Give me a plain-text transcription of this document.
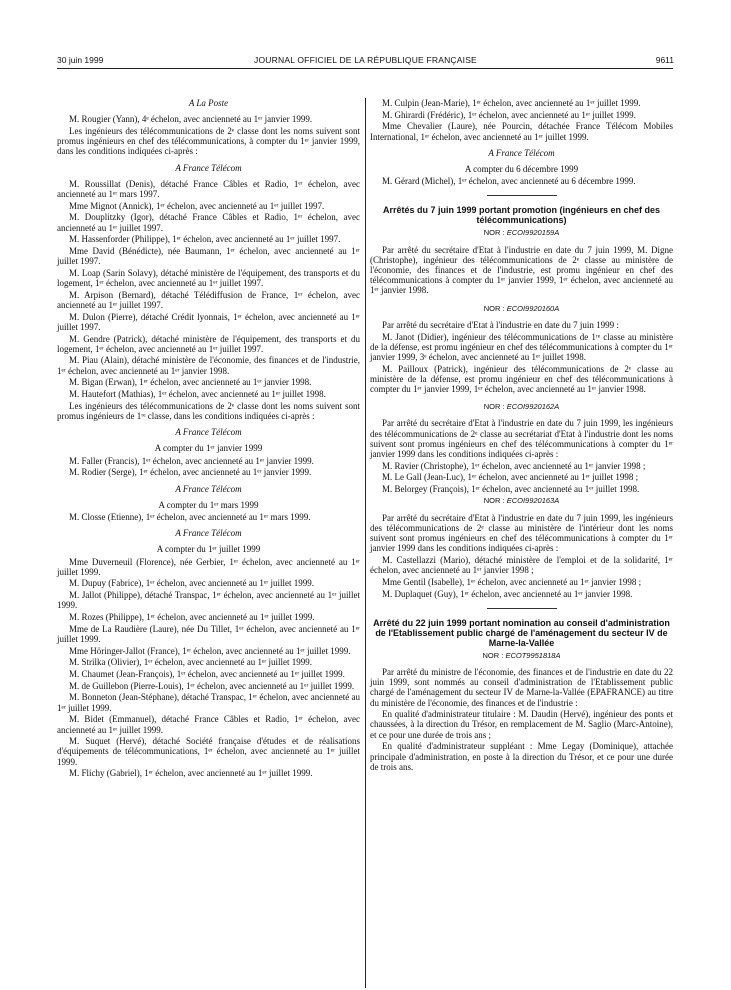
30 juin 1999	JOURNAL OFFICIEL DE LA RÉPUBLIQUE FRANÇAISE	9611
A La Poste

M. Rougier (Yann), 4ᵉ échelon, avec ancienneté au 1ᵉʳ janvier 1999.

Les ingénieurs des télécommunications de 2ᵉ classe dont les noms suivent sont promus ingénieurs en chef des télécommunications, à compter du 1ᵉʳ janvier 1999, dans les conditions indiquées ci-après :

A France Télécom

M. Roussillat (Denis), détaché France Câbles et Radio, 1ᵉʳ échelon, avec ancienneté au 1ᵉʳ mars 1997.

Mme Mignot (Annick), 1ᵉʳ échelon, avec ancienneté au 1ᵉʳ juillet 1997.

M. Douplitzky (Igor), détaché France Câbles et Radio, 1ᵉʳ échelon, avec ancienneté au 1ᵉʳ juillet 1997.

M. Hassenforder (Philippe), 1ᵉʳ échelon, avec ancienneté au 1ᵉʳ juillet 1997.

Mme David (Bénédicte), née Baumann, 1ᵉʳ échelon, avec ancienneté au 1ᵉʳ juillet 1997.

M. Loap (Sarin Solavy), détaché ministère de l'équipement, des transports et du logement, 1ᵉʳ échelon, avec ancienneté au 1ᵉʳ juillet 1997.

M. Arpison (Bernard), détaché Télédiffusion de France, 1ᵉʳ échelon, avec ancienneté au 1ᵉʳ juillet 1997.

M. Dulon (Pierre), détaché Crédit lyonnais, 1ᵉʳ échelon, avec ancienneté au 1ᵉʳ juillet 1997.

M. Gendre (Patrick), détaché ministère de l'équipement, des transports et du logement, 1ᵉʳ échelon, avec ancienneté au 1ᵉʳ juillet 1997.

M. Piau (Alain), détaché ministère de l'économie, des finances et de l'industrie, 1ᵉʳ échelon, avec ancienneté au 1ᵉʳ janvier 1998.

M. Bigan (Erwan), 1ᵉʳ échelon, avec ancienneté au 1ᵉʳ janvier 1998.

M. Hautefort (Mathias), 1ᵉʳ échelon, avec ancienneté au 1ᵉʳ juillet 1998.

Les ingénieurs des télécommunications de 2ᵉ classe dont les noms suivent sont promus ingénieurs de 1ʳᵉ classe, dans les conditions indiquées ci-après :

A France Télécom
A compter du 1ᵉʳ janvier 1999

M. Faller (Francis), 1ᵉʳ échelon, avec ancienneté au 1ᵉʳ janvier 1999.

M. Rodier (Serge), 1ᵉʳ échelon, avec ancienneté au 1ᵉʳ janvier 1999.

A France Télécom
A compter du 1ᵉʳ mars 1999

M. Closse (Etienne), 1ᵉʳ échelon, avec ancienneté au 1ᵉʳ mars 1999.

A France Télécom
A compter du 1ᵉʳ juillet 1999

Mme Duverneuil (Florence), née Gerbier, 1ᵉʳ échelon, avec ancienneté au 1ᵉʳ juillet 1999.

M. Dupuy (Fabrice), 1ᵉʳ échelon, avec ancienneté au 1ᵉʳ juillet 1999.

M. Jallot (Philippe), détaché Transpac, 1ᵉʳ échelon, avec ancienneté au 1ᵉʳ juillet 1999.

M. Rozes (Philippe), 1ᵉʳ échelon, avec ancienneté au 1ᵉʳ juillet 1999.

Mme de La Raudière (Laure), née Du Tillet, 1ᵉʳ échelon, avec ancienneté au 1ᵉʳ juillet 1999.

Mme Höringer-Jallot (France), 1ᵉʳ échelon, avec ancienneté au 1ᵉʳ juillet 1999.

M. Strilka (Olivier), 1ᵉʳ échelon, avec ancienneté au 1ᵉʳ juillet 1999.

M. Chaumet (Jean-François), 1ᵉʳ échelon, avec ancienneté au 1ᵉʳ juillet 1999.

M. de Guillebon (Pierre-Louis), 1ᵉʳ échelon, avec ancienneté au 1ᵉʳ juillet 1999.

M. Bonneton (Jean-Stéphane), détaché Transpac, 1ᵉʳ échelon, avec ancienneté au 1ᵉʳ juillet 1999.

M. Bidet (Emmanuel), détaché France Câbles et Radio, 1ᵉʳ échelon, avec ancienneté au 1ᵉʳ juillet 1999.

M. Suquet (Hervé), détaché Société française d'études et de réalisations d'équipements de télécommunications, 1ᵉʳ échelon, avec ancienneté au 1ᵉʳ juillet 1999.

M. Flichy (Gabriel), 1ᵉʳ échelon, avec ancienneté au 1ᵉʳ juillet 1999.

M. Culpin (Jean-Marie), 1ᵉʳ échelon, avec ancienneté au 1ᵉʳ juillet 1999.

M. Ghirardi (Frédéric), 1ᵉʳ échelon, avec ancienneté au 1ᵉʳ juillet 1999.

Mme Chevalier (Laure), née Pourcin, détachée France Télécom Mobiles International, 1ᵉʳ échelon, avec ancienneté au 1ᵉʳ juillet 1999.

A France Télécom
A compter du 6 décembre 1999

M. Gérard (Michel), 1ᵉʳ échelon, avec ancienneté au 6 décembre 1999.

Arrêtés du 7 juin 1999 portant promotion (ingénieurs en chef des télécommunications)
NOR : ECOI9920159A

Par arrêté du secrétaire d'Etat à l'industrie en date du 7 juin 1999, M. Digne (Christophe), ingénieur des télécommunications de 2ᵉ classe au ministère de l'économie, des finances et de l'industrie, est promu ingénieur en chef des télécommunications à compter du 1ᵉʳ janvier 1999, 1ᵉʳ échelon, avec ancienneté au 1ᵉʳ janvier 1998.

NOR : ECOI9920160A

Par arrêté du secrétaire d'Etat à l'industrie en date du 7 juin 1999 :

M. Janot (Didier), ingénieur des télécommunications de 1ʳᵉ classe au ministère de la défense, est promu ingénieur en chef des télécommunications à compter du 1ᵉʳ janvier 1999, 3ᵉ échelon, avec ancienneté au 1ᵉʳ juillet 1998.

M. Pailloux (Patrick), ingénieur des télécommunications de 2ᵉ classe au ministère de la défense, est promu ingénieur en chef des télécommunications à compter du 1ᵉʳ janvier 1999, 1ᵉʳ échelon, avec ancienneté au 1ᵉʳ janvier 1998.

NOR : ECOI9920162A

Par arrêté du secrétaire d'Etat à l'industrie en date du 7 juin 1999, les ingénieurs des télécommunications de 2ᵉ classe au secrétariat d'Etat à l'industrie dont les noms suivent sont promus ingénieurs en chef des télécommunications à compter du 1ᵉʳ janvier 1999 dans les conditions indiquées ci-après :

M. Ravier (Christophe), 1ᵉʳ échelon, avec ancienneté au 1ᵉʳ janvier 1998 ;

M. Le Gall (Jean-Luc), 1ᵉʳ échelon, avec ancienneté au 1ᵉʳ juillet 1998 ;

M. Belorgey (François), 1ᵉʳ échelon, avec ancienneté au 1ᵉʳ juillet 1998.

NOR : ECOI9920163A

Par arrêté du secrétaire d'Etat à l'industrie en date du 7 juin 1999, les ingénieurs des télécommunications de 2ᵉ classe au ministère de l'intérieur dont les noms suivent sont promus ingénieurs en chef des télécommunications à compter du 1ᵉʳ janvier 1999 dans les conditions indiquées ci-après :

M. Castellazzi (Mario), détaché ministère de l'emploi et de la solidarité, 1ᵉʳ échelon, avec ancienneté au 1ᵉʳ janvier 1998 ;

Mme Gentil (Isabelle), 1ᵉʳ échelon, avec ancienneté au 1ᵉʳ janvier 1998 ;

M. Duplaquet (Guy), 1ᵉʳ échelon, avec ancienneté au 1ᵉʳ janvier 1998.

Arrêté du 22 juin 1999 portant nomination au conseil d'administration de l'Etablissement public chargé de l'aménagement du secteur IV de Marne-la-Vallée
NOR : ECOT9951818A

Par arrêté du ministre de l'économie, des finances et de l'industrie en date du 22 juin 1999, sont nommés au conseil d'administration de l'Etablissement public chargé de l'aménagement du secteur IV de Marne-la-Vallée (EPAFRANCE) au titre du ministère de l'économie, des finances et de l'industrie :

En qualité d'administrateur titulaire : M. Daudin (Hervé), ingénieur des ponts et chaussées, à la direction du Trésor, en remplacement de M. Saglio (Marc-Antoine), et ce pour une durée de trois ans ;

En qualité d'administrateur suppléant : Mme Legay (Dominique), attachée principale d'administration, en poste à la direction du Trésor, et ce pour une durée de trois ans.
